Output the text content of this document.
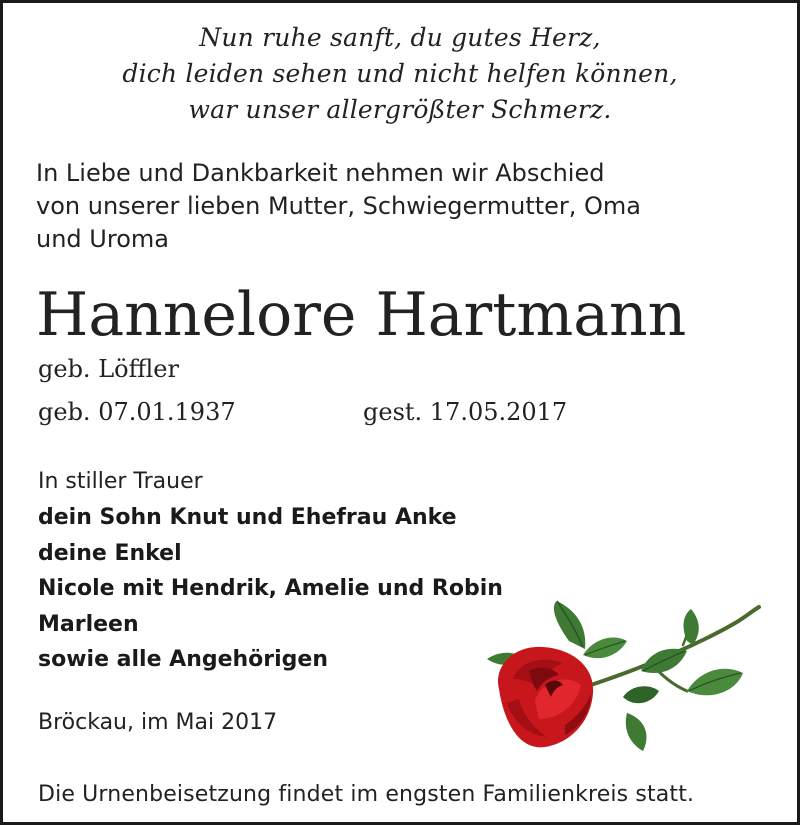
Nun ruhe sanft, du gutes Herz,
dich leiden sehen und nicht helfen können,
war unser allergrößter Schmerz.
In Liebe und Dankbarkeit nehmen wir Abschied
von unserer lieben Mutter, Schwiegermutter, Oma
und Uroma
Hannelore Hartmann
geb. Löffler
geb. 07.01.1937	gest. 17.05.2017
In stiller Trauer
dein Sohn Knut und Ehefrau Anke
deine Enkel
Nicole mit Hendrik, Amelie und Robin
Marleen
sowie alle Angehörigen
Bröckau, im Mai 2017
Die Urnenbeisetzung findet im engsten Familienkreis statt.
